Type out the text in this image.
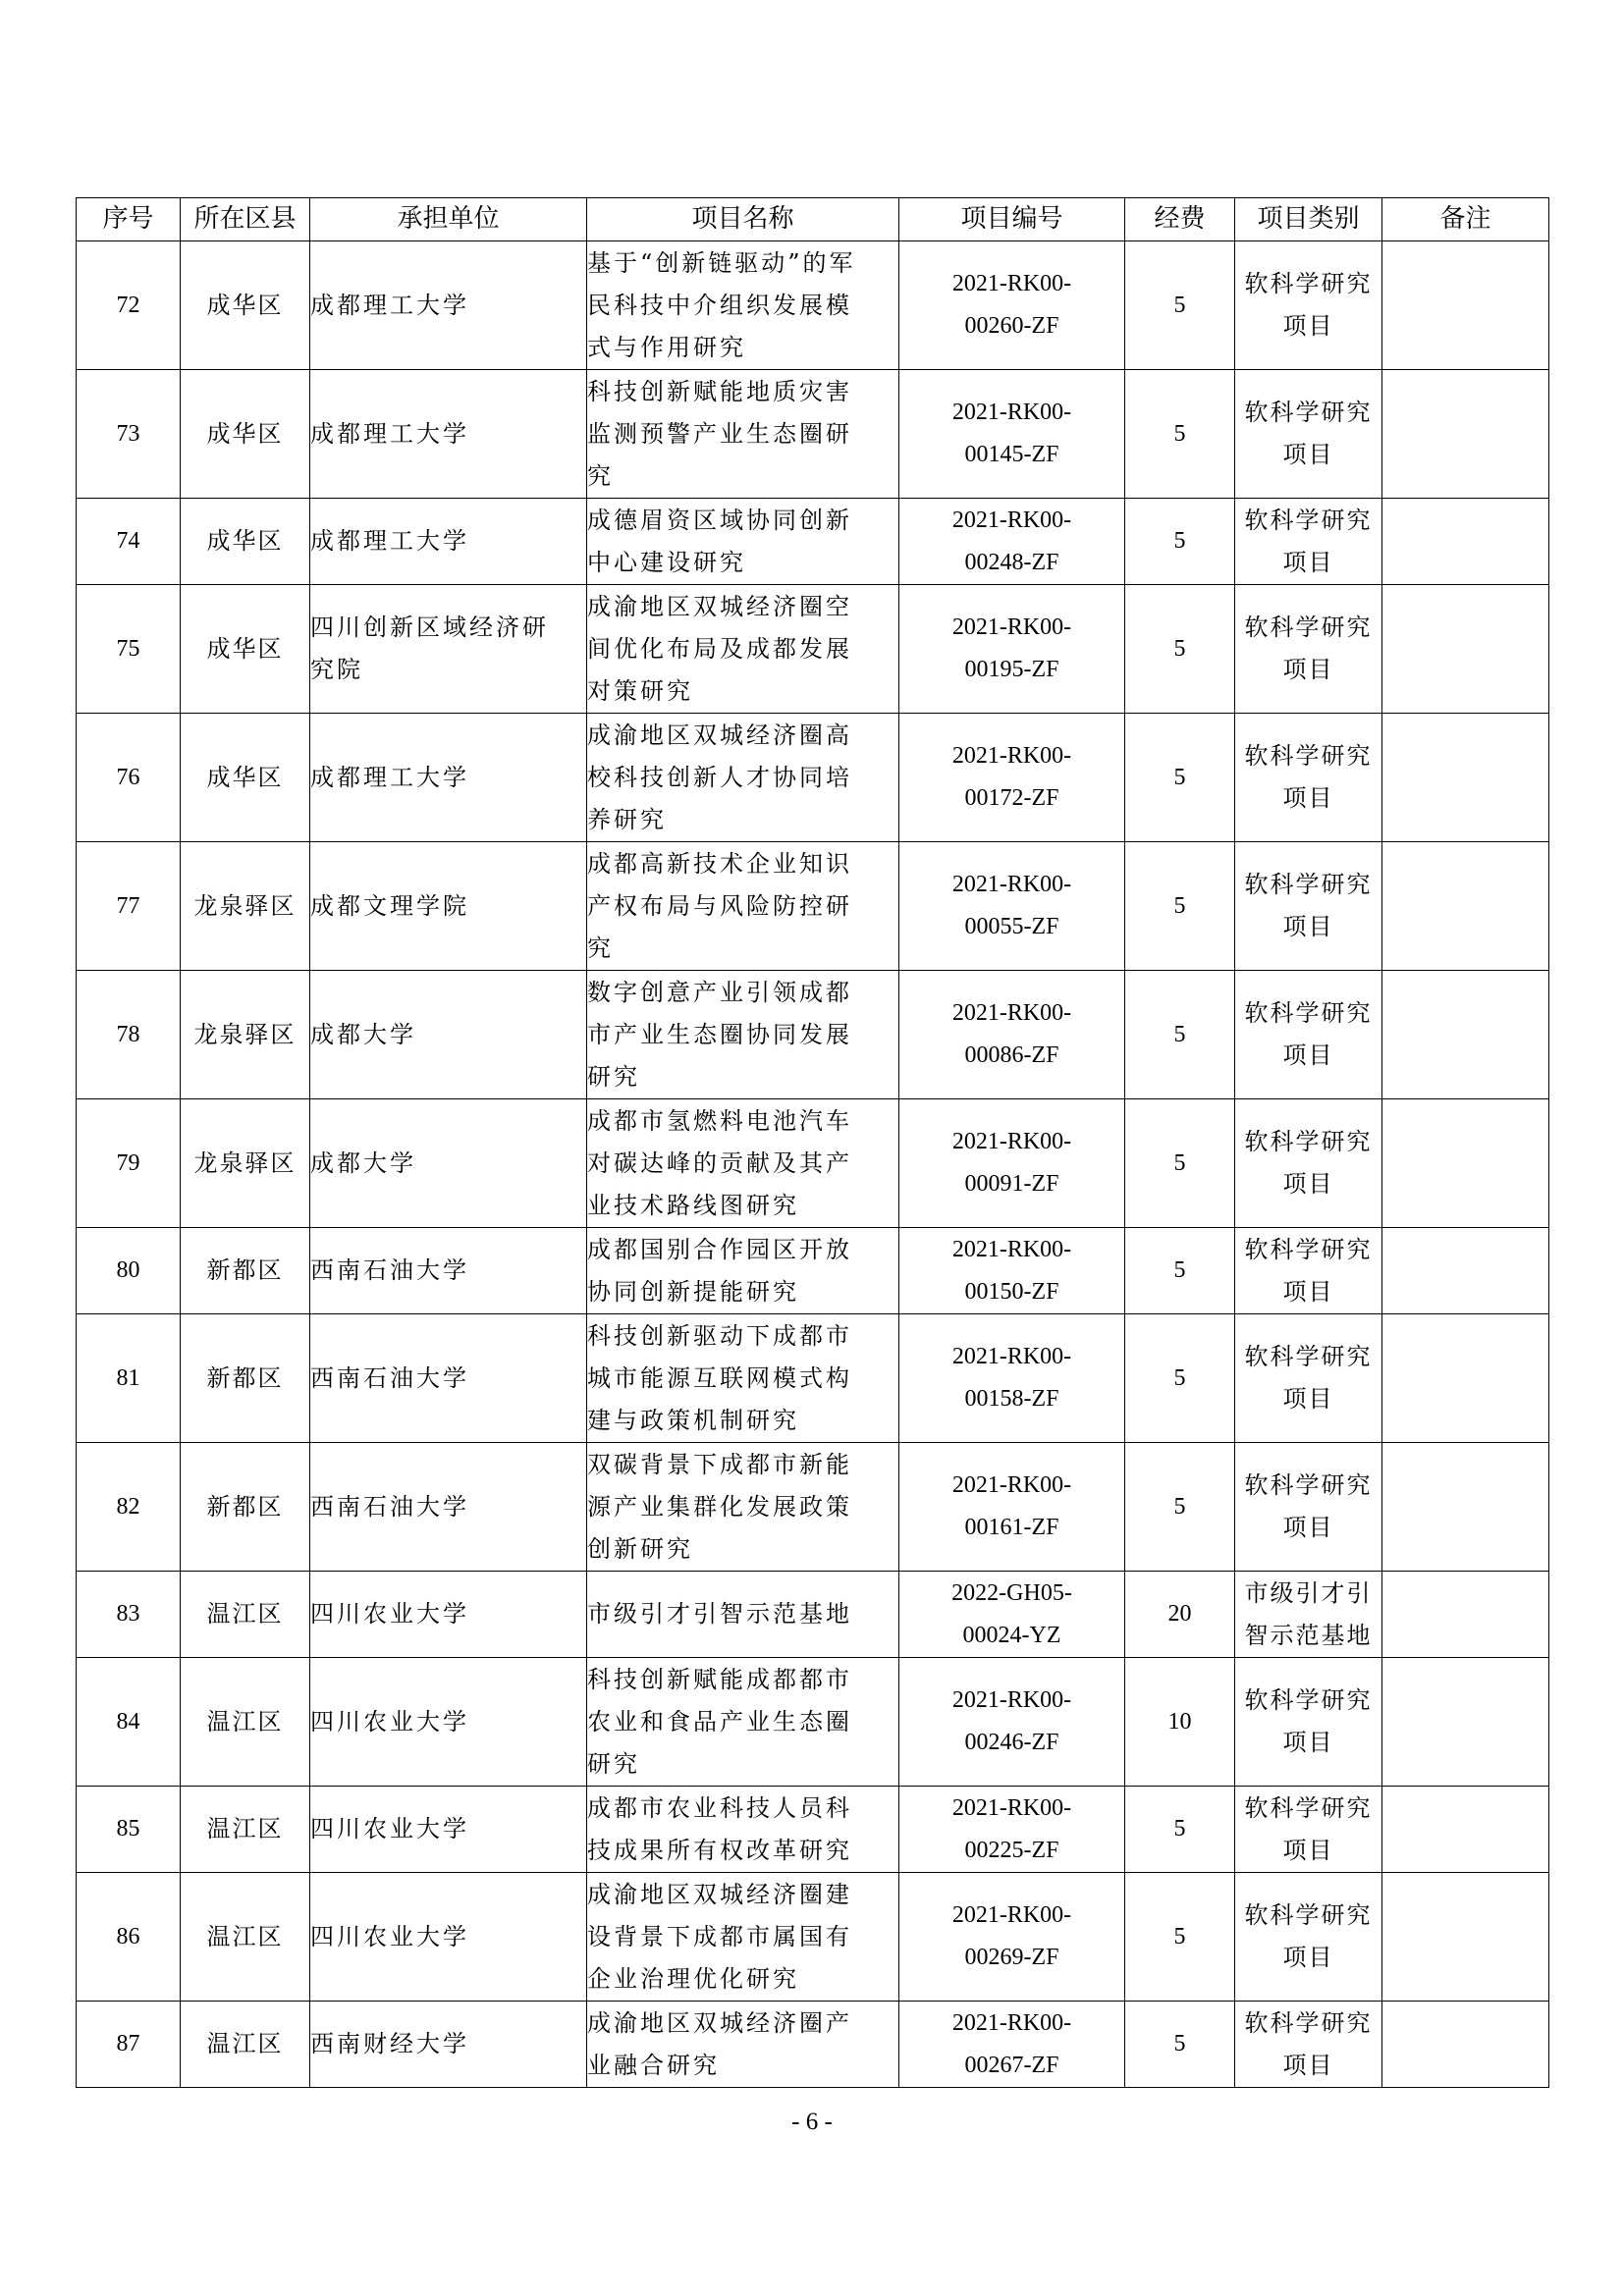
序号	所在区县	承担单位	项目名称	项目编号	经费	项目类别	备注
72	成华区	成都理工大学	基于“创新链驱动”的军
民科技中介组织发展模
式与作用研究	2021-RK00-
00260-ZF	5	软科学研究
项目	

73	成华区	成都理工大学	科技创新赋能地质灾害
监测预警产业生态圈研
究	2021-RK00-
00145-ZF	5	软科学研究
项目	

74	成华区	成都理工大学	成德眉资区域协同创新
中心建设研究	2021-RK00-
00248-ZF	5	软科学研究
项目	

75	成华区	四川创新区域经济研
究院	成渝地区双城经济圈空
间优化布局及成都发展
对策研究	2021-RK00-
00195-ZF	5	软科学研究
项目	

76	成华区	成都理工大学	成渝地区双城经济圈高
校科技创新人才协同培
养研究	2021-RK00-
00172-ZF	5	软科学研究
项目	

77	龙泉驿区	成都文理学院	成都高新技术企业知识
产权布局与风险防控研
究	2021-RK00-
00055-ZF	5	软科学研究
项目	

78	龙泉驿区	成都大学	数字创意产业引领成都
市产业生态圈协同发展
研究	2021-RK00-
00086-ZF	5	软科学研究
项目	

79	龙泉驿区	成都大学	成都市氢燃料电池汽车
对碳达峰的贡献及其产
业技术路线图研究	2021-RK00-
00091-ZF	5	软科学研究
项目	

80	新都区	西南石油大学	成都国别合作园区开放
协同创新提能研究	2021-RK00-
00150-ZF	5	软科学研究
项目	

81	新都区	西南石油大学	科技创新驱动下成都市
城市能源互联网模式构
建与政策机制研究	2021-RK00-
00158-ZF	5	软科学研究
项目	

82	新都区	西南石油大学	双碳背景下成都市新能
源产业集群化发展政策
创新研究	2021-RK00-
00161-ZF	5	软科学研究
项目	

83	温江区	四川农业大学	市级引才引智示范基地	2022-GH05-
00024-YZ	20	市级引才引
智示范基地	

84	温江区	四川农业大学	科技创新赋能成都都市
农业和食品产业生态圈
研究	2021-RK00-
00246-ZF	10	软科学研究
项目	

85	温江区	四川农业大学	成都市农业科技人员科
技成果所有权改革研究	2021-RK00-
00225-ZF	5	软科学研究
项目	

86	温江区	四川农业大学	成渝地区双城经济圈建
设背景下成都市属国有
企业治理优化研究	2021-RK00-
00269-ZF	5	软科学研究
项目	

87	温江区	西南财经大学	成渝地区双城经济圈产
业融合研究	2021-RK00-
00267-ZF	5	软科学研究
项目	

- 6 -
